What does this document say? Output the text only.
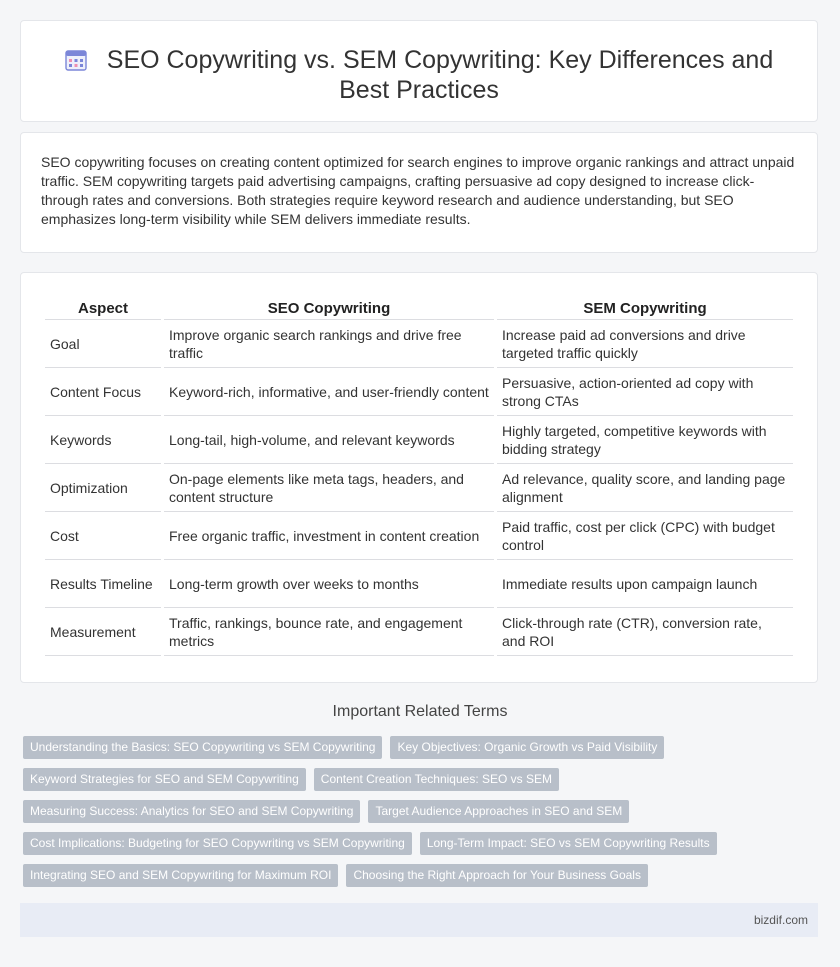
SEO Copywriting vs. SEM Copywriting: Key Differences and Best Practices

SEO copywriting focuses on creating content optimized for search engines to improve organic rankings and attract unpaid traffic. SEM copywriting targets paid advertising campaigns, crafting persuasive ad copy designed to increase click-through rates and conversions. Both strategies require keyword research and audience understanding, but SEO emphasizes long-term visibility while SEM delivers immediate results.

Aspect	SEO Copywriting	SEM Copywriting
Goal	Improve organic search rankings and drive free traffic	Increase paid ad conversions and drive targeted traffic quickly
Content Focus	Keyword-rich, informative, and user-friendly content	Persuasive, action-oriented ad copy with strong CTAs
Keywords	Long-tail, high-volume, and relevant keywords	Highly targeted, competitive keywords with bidding strategy
Optimization	On-page elements like meta tags, headers, and content structure	Ad relevance, quality score, and landing page alignment
Cost	Free organic traffic, investment in content creation	Paid traffic, cost per click (CPC) with budget control
Results Timeline	Long-term growth over weeks to months	Immediate results upon campaign launch
Measurement	Traffic, rankings, bounce rate, and engagement metrics	Click-through rate (CTR), conversion rate, and ROI
Important Related Terms
Understanding the Basics: SEO Copywriting vs SEM Copywriting	Key Objectives: Organic Growth vs Paid Visibility
Keyword Strategies for SEO and SEM Copywriting	Content Creation Techniques: SEO vs SEM
Measuring Success: Analytics for SEO and SEM Copywriting	Target Audience Approaches in SEO and SEM
Cost Implications: Budgeting for SEO Copywriting vs SEM Copywriting	Long-Term Impact: SEO vs SEM Copywriting Results
Integrating SEO and SEM Copywriting for Maximum ROI	Choosing the Right Approach for Your Business Goals
bizdif.com
